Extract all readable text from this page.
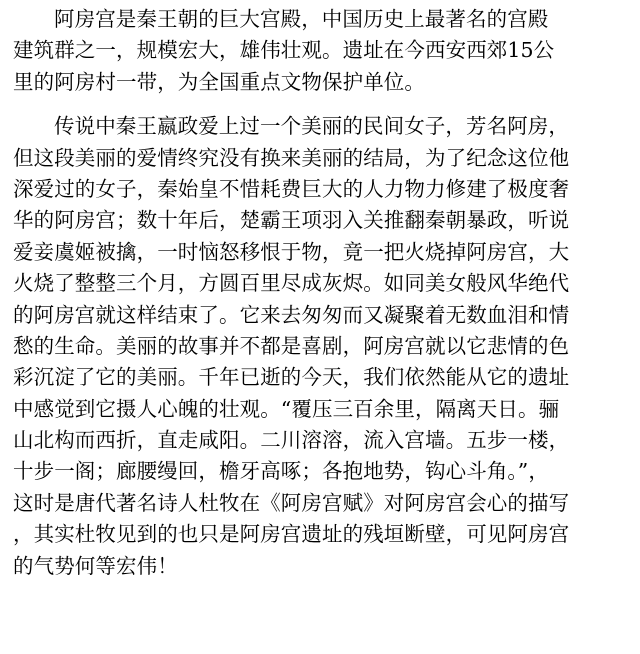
阿房宫是秦王朝的巨大宫殿，中国历史上最著名的宫殿
建筑群之一，规模宏大，雄伟壮观。遗址在今西安西郊15公
里的阿房村一带，为全国重点文物保护单位。
传说中秦王嬴政爱上过一个美丽的民间女子，芳名阿房，
但这段美丽的爱情终究没有换来美丽的结局，为了纪念这位他
深爱过的女子，秦始皇不惜耗费巨大的人力物力修建了极度奢
华的阿房宫；数十年后，楚霸王项羽入关推翻秦朝暴政，听说
爱妾虞姬被擒，一时恼怒移恨于物，竟一把火烧掉阿房宫，大
火烧了整整三个月，方圆百里尽成灰烬。如同美女般风华绝代
的阿房宫就这样结束了。它来去匆匆而又凝聚着无数血泪和情
愁的生命。美丽的故事并不都是喜剧，阿房宫就以它悲情的色
彩沉淀了它的美丽。千年已逝的今天，我们依然能从它的遗址
中感觉到它摄人心魄的壮观。“覆压三百余里，隔离天日。骊
山北构而西折，直走咸阳。二川溶溶，流入宫墙。五步一楼，
十步一阁；廊腰缦回，檐牙高啄；各抱地势，钩心斗角。”，
这时是唐代著名诗人杜牧在《阿房宫赋》对阿房宫会心的描写
，其实杜牧见到的也只是阿房宫遗址的残垣断壁，可见阿房宫
的气势何等宏伟！
